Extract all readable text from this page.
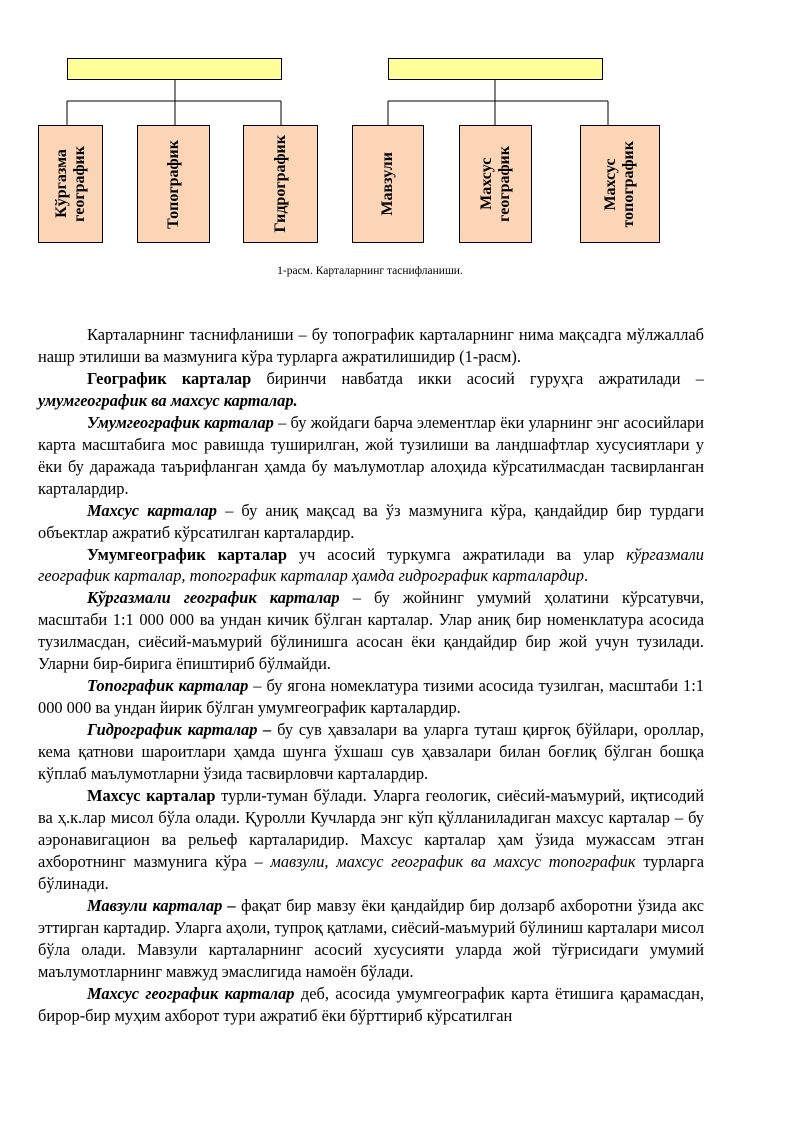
Кўргазма
географик	Топографик	Гидрографик	Мавзули	Махсус
географик	Махсус
топографик
1-расм. Карталарнинг таснифланиши.

Карталарнинг таснифланиши – бу топографик карталарнинг нима мақсадга мўлжаллаб нашр этилиши ва мазмунига кўра турларга ажратилишидир (1-расм).

Географик карталар биринчи навбатда икки асосий гуруҳга ажратилади – умумгеографик ва махсус карталар.

Умумгеографик карталар – бу жойдаги барча элементлар ёки уларнинг энг асосийлари карта масштабига мос равишда туширилган, жой тузилиши ва ландшафтлар хусусиятлари у ёки бу даражада таърифланган ҳамда бу маълумотлар алоҳида кўрсатилмасдан тасвирланган карталардир.

Махсус карталар – бу аниқ мақсад ва ўз мазмунига кўра, қандайдир бир турдаги объектлар ажратиб кўрсатилган карталардир.

Умумгеографик карталар уч асосий туркумга ажратилади ва улар кўргазмали географик карталар, топографик карталар ҳамда гидрографик карталардир.

Кўргазмали географик карталар – бу жойнинг умумий ҳолатини кўрсатувчи, масштаби 1:1 000 000 ва ундан кичик бўлган карталар. Улар аниқ бир номенклатура асосида тузилмасдан, сиёсий-маъмурий бўлинишга асосан ёки қандайдир бир жой учун тузилади. Уларни бир-бирига ёпиштириб бўлмайди.

Топографик карталар – бу ягона номеклатура тизими асосида тузилган, масштаби 1:1 000 000 ва ундан йирик бўлган умумгеографик карталардир.

Гидрографик карталар – бу сув ҳавзалари ва уларга туташ қирғоқ бўйлари, ороллар, кема қатнови шароитлари ҳамда шунга ўхшаш сув ҳавзалари билан боғлиқ бўлган бошқа кўплаб маълумотларни ўзида тасвирловчи карталардир.

Махсус карталар турли-туман бўлади. Уларга геологик, сиёсий-маъмурий, иқтисодий ва ҳ.к.лар мисол бўла олади. Қуролли Кучларда энг кўп қўлланиладиган махсус карталар – бу аэронавигацион ва рельеф карталаридир. Махсус карталар ҳам ўзида мужассам этган ахборотнинг мазмунига кўра – мавзули, махсус географик ва махсус топографик турларга бўлинади.

Мавзули карталар – фақат бир мавзу ёки қандайдир бир долзарб ахборотни ўзида акс эттирган картадир. Уларга аҳоли, тупроқ қатлами, сиёсий-маъмурий бўлиниш карталари мисол бўла олади. Мавзули карталарнинг асосий хусусияти уларда жой тўғрисидаги умумий маълумотларнинг мавжуд эмаслигида намоён бўлади.

Махсус географик карталар деб, асосида умумгеографик карта ётишига қарамасдан, бирор-бир муҳим ахборот тури ажратиб ёки бўрттириб кўрсатилган
